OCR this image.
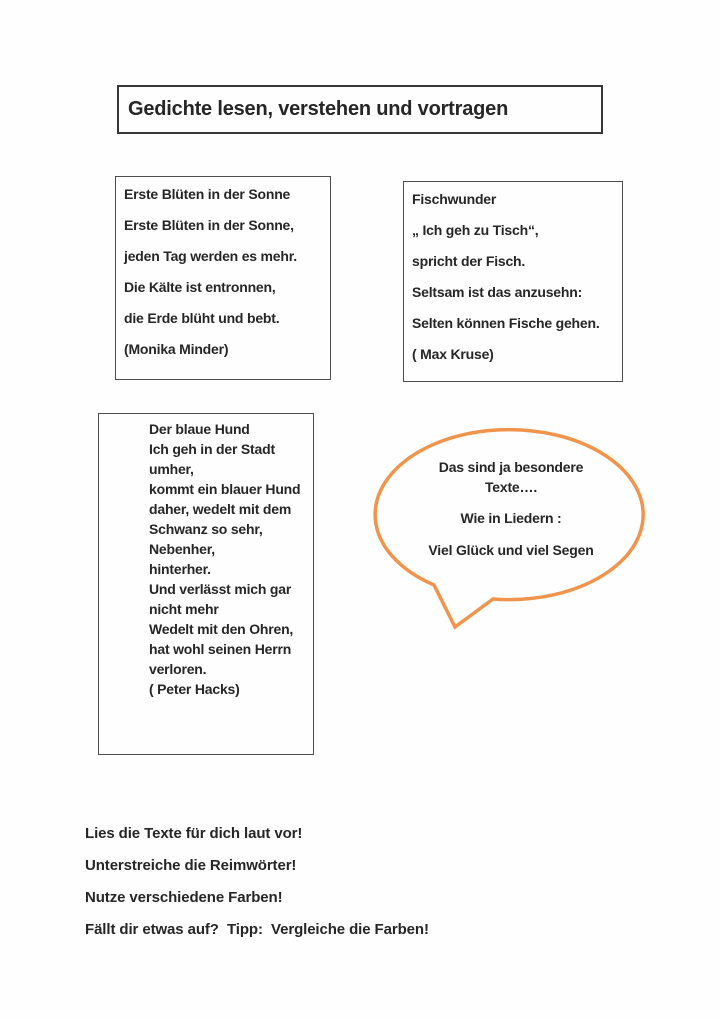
Gedichte lesen, verstehen und vortragen
Erste Blüten in der Sonne
Erste Blüten in der Sonne,
jeden Tag werden es mehr.
Die Kälte ist entronnen,
die Erde blüht und bebt.
(Monika Minder)
Fischwunder
„ Ich geh zu Tisch“,
spricht der Fisch.
Seltsam ist das anzusehn:
Selten können Fische gehen.
( Max Kruse)
Der blaue Hund
Ich geh in der Stadt
umher,
kommt ein blauer Hund
daher, wedelt mit dem
Schwanz so sehr,
Nebenher,
hinterher.
Und verlässt mich gar
nicht mehr
Wedelt mit den Ohren,
hat wohl seinen Herrn
verloren.
( Peter Hacks)
Das sind ja besondere
Texte….
Wie in Liedern :
Viel Glück und viel Segen
Lies die Texte für dich laut vor!
Unterstreiche die Reimwörter!
Nutze verschiedene Farben!
Fällt dir etwas auf?  Tipp:  Vergleiche die Farben!
